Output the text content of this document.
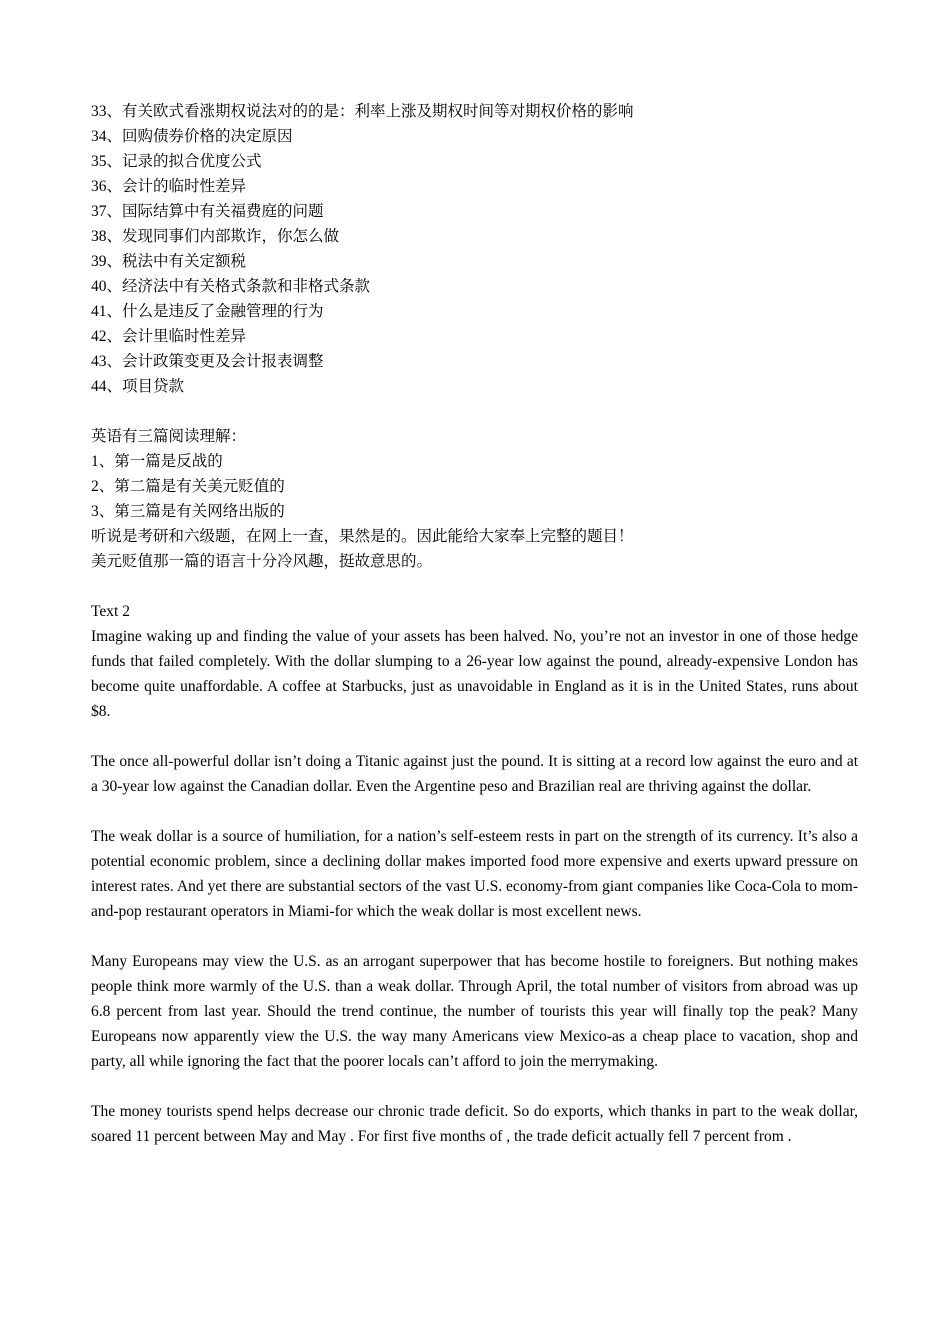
33、有关欧式看涨期权说法对的的是：利率上涨及期权时间等对期权价格的影响
34、回购债券价格的决定原因
35、记录的拟合优度公式
36、会计的临时性差异
37、国际结算中有关福费庭的问题
38、发现同事们内部欺诈，你怎么做
39、税法中有关定额税
40、经济法中有关格式条款和非格式条款
41、什么是违反了金融管理的行为
42、会计里临时性差异
43、会计政策变更及会计报表调整
44、项目贷款
英语有三篇阅读理解：
1、第一篇是反战的
2、第二篇是有关美元贬值的
3、第三篇是有关网络出版的
听说是考研和六级题，在网上一查，果然是的。因此能给大家奉上完整的题目！
美元贬值那一篇的语言十分冷风趣，挺故意思的。
Text 2

Imagine waking up and finding the value of your assets has been halved. No, you’re not an investor in one of those hedge funds that failed completely. With the dollar slumping to a 26-year low against the pound, already-expensive London has become quite unaffordable. A coffee at Starbucks, just as unavoidable in England as it is in the United States, runs about $8.

The once all-powerful dollar isn’t doing a Titanic against just the pound. It is sitting at a record low against the euro and at a 30-year low against the Canadian dollar. Even the Argentine peso and Brazilian real are thriving against the dollar.

The weak dollar is a source of humiliation, for a nation’s self-esteem rests in part on the strength of its currency. It’s also a potential economic problem, since a declining dollar makes imported food more expensive and exerts upward pressure on interest rates. And yet there are substantial sectors of the vast U.S. economy-from giant companies like Coca-Cola to mom-and-pop restaurant operators in Miami-for which the weak dollar is most excellent news.

Many Europeans may view the U.S. as an arrogant superpower that has become hostile to foreigners. But nothing makes people think more warmly of the U.S. than a weak dollar. Through April, the total number of visitors from abroad was up 6.8 percent from last year. Should the trend continue, the number of tourists this year will finally top the peak? Many Europeans now apparently view the U.S. the way many Americans view Mexico-as a cheap place to vacation, shop and party, all while ignoring the fact that the poorer locals can’t afford to join the merrymaking.

The money tourists spend helps decrease our chronic trade deficit. So do exports, which thanks in part to the weak dollar, soared 11 percent between May and May . For first five months of , the trade deficit actually fell 7 percent from .
